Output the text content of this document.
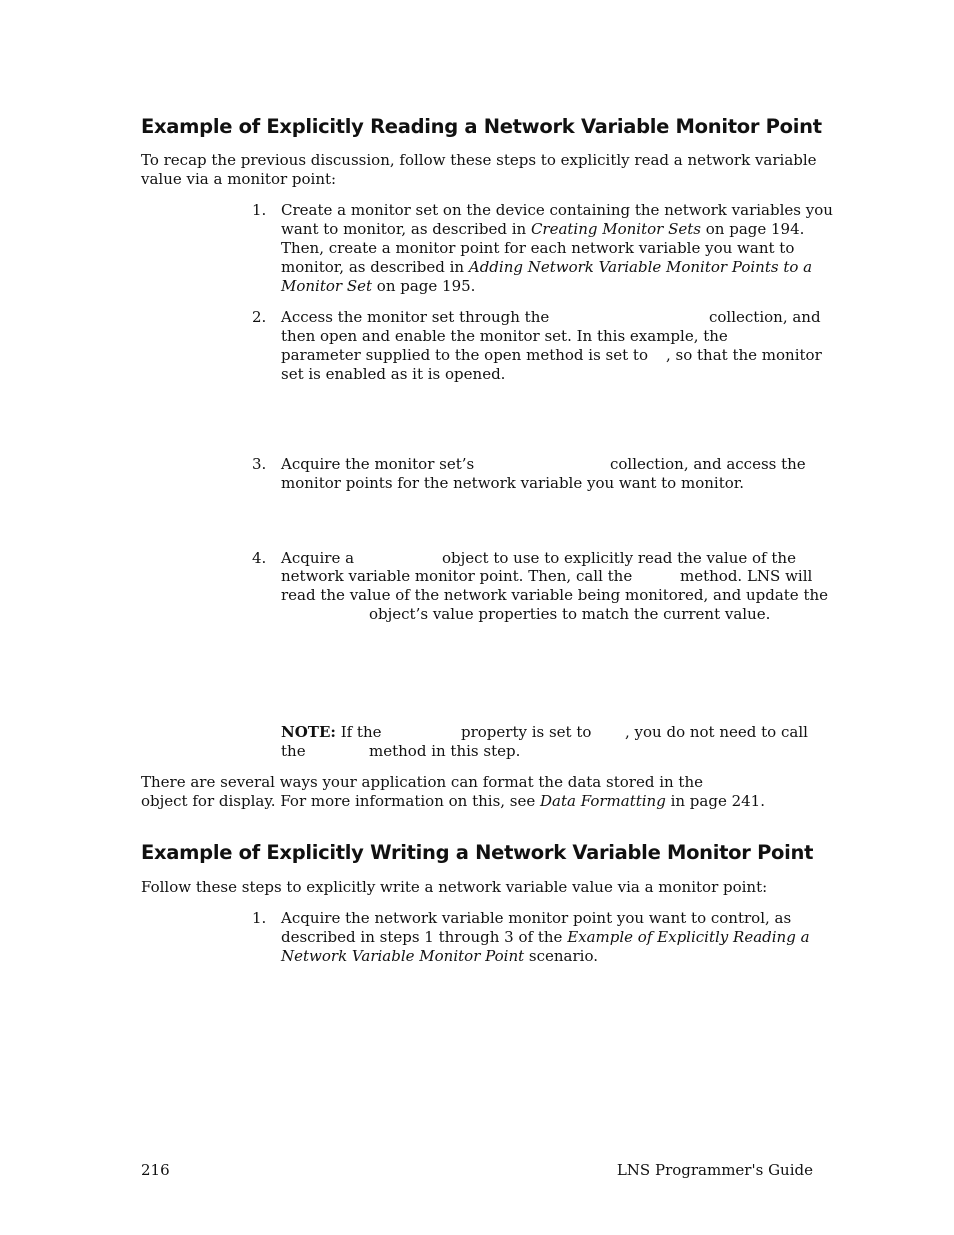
Example of Explicitly Reading a Network Variable Monitor Point
To recap the previous discussion, follow these steps to explicitly read a network variable
value via a monitor point:
1. Create a monitor set on the device containing the network variables you
want to monitor, as described in Creating Monitor Sets on page 194.
Then, create a monitor point for each network variable you want to
monitor, as described in Adding Network Variable Monitor Points to a
Monitor Set on page 195.
2. Access the monitor set through the	collection, and
then open and enable the monitor set. In this example, the
parameter supplied to the open method is set to , so that the monitor
set is enabled as it is opened.
3. Acquire the monitor set’s	collection, and access the
monitor points for the network variable you want to monitor.
4. Acquire a	object to use to explicitly read the value of the
network variable monitor point. Then, call the	method. LNS will
read the value of the network variable being monitored, and update the
object’s value properties to match the current value.
NOTE: If the	property is set to , you do not need to call
the	method in this step.
There are several ways your application can format the data stored in the
object for display. For more information on this, see Data Formatting in page 241.
Example of Explicitly Writing a Network Variable Monitor Point
Follow these steps to explicitly write a network variable value via a monitor point:
1. Acquire the network variable monitor point you want to control, as
described in steps 1 through 3 of the Example of Explicitly Reading a
Network Variable Monitor Point scenario.
216	LNS Programmer's Guide
